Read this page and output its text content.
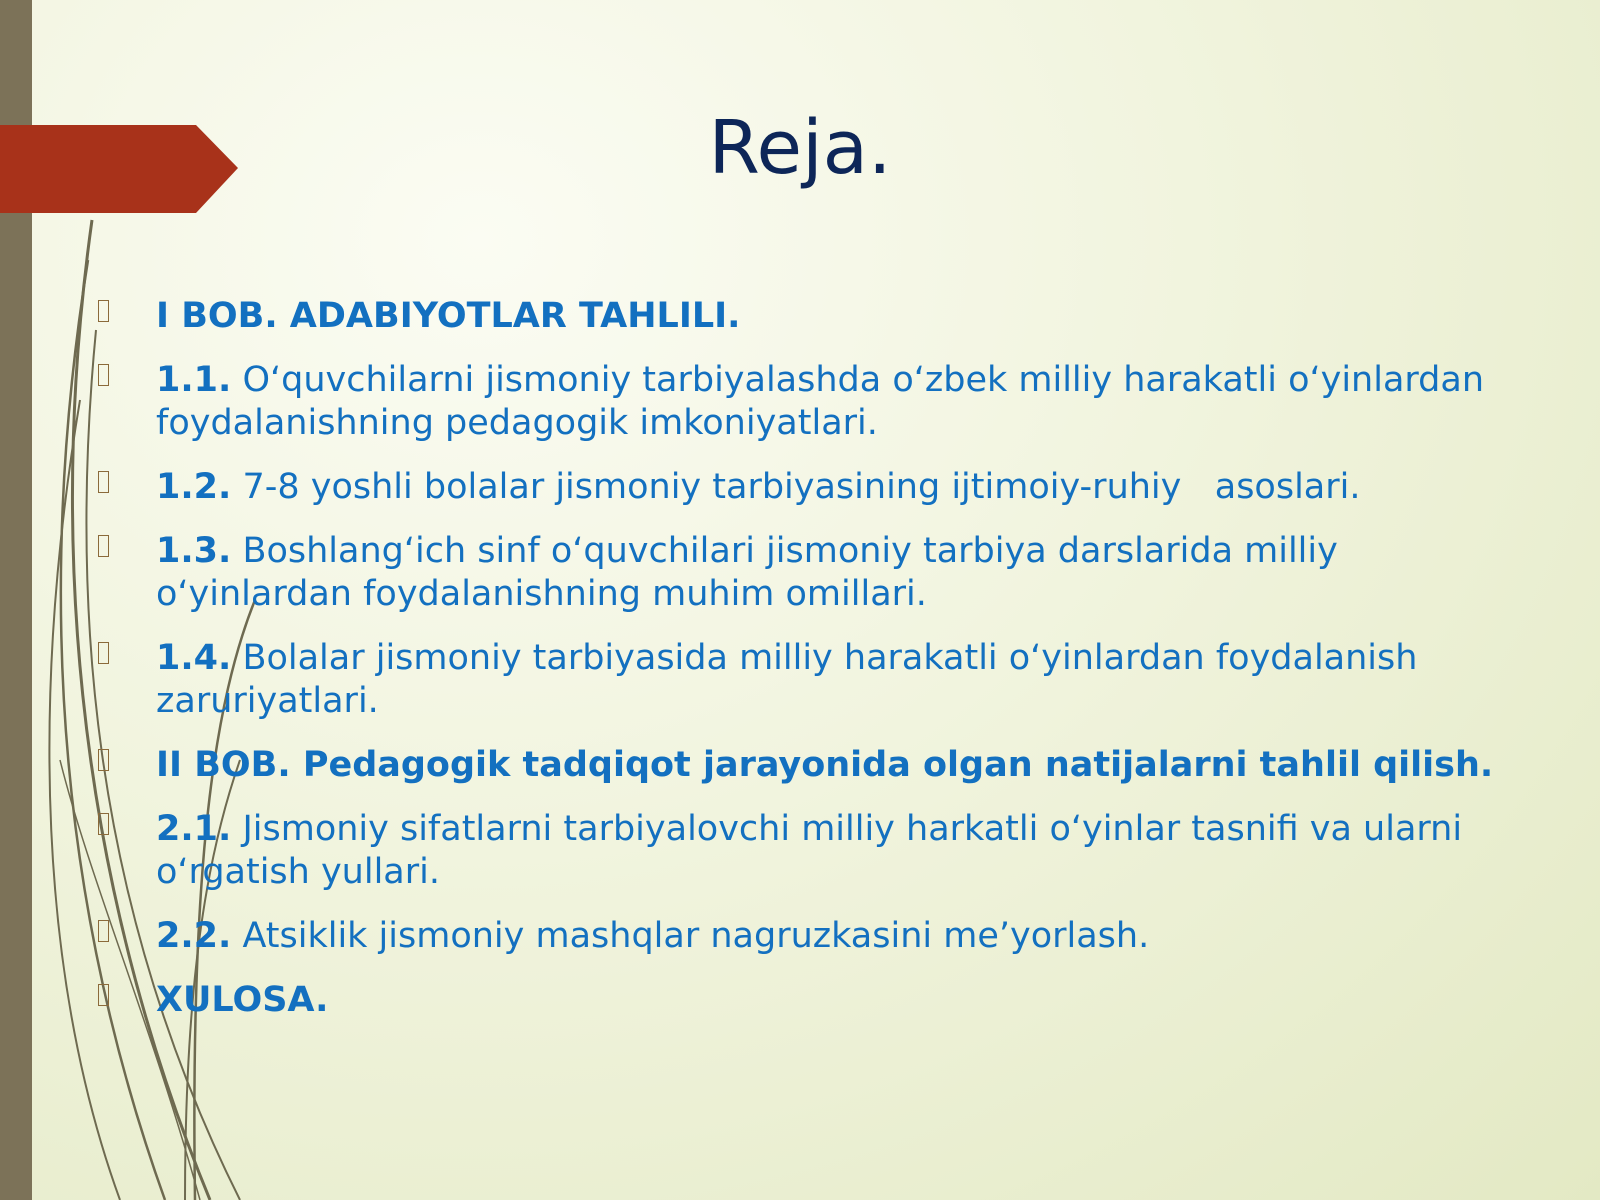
Reja.
I BOB. ADABIYOTLAR TAHLILI.
1.1. O‘quvchilarni jismoniy tarbiyalashda o‘zbek milliy harakatli o‘yinlardan foydalanishning pedagogik imkoniyatlari.
1.2. 7-8 yoshli bolalar jismoniy tarbiyasining ijtimoiy-ruhiy   asoslari.
1.3. Boshlang‘ich sinf o‘quvchilari jismoniy tarbiya darslarida milliy o‘yinlardan foydalanishning muhim omillari.
1.4. Bolalar jismoniy tarbiyasida milliy harakatli o‘yinlardan foydalanish zaruriyatlari.
II BOB. Pedagogik tadqiqot jarayonida olgan natijalarni tahlil qilish.
2.1. Jismoniy sifatlarni tarbiyalovchi milliy harkatli o‘yinlar tasnifi va ularni o‘rgatish yullari.
2.2. Atsiklik jismoniy mashqlar nagruzkasini me’yorlash.
XULOSA.
